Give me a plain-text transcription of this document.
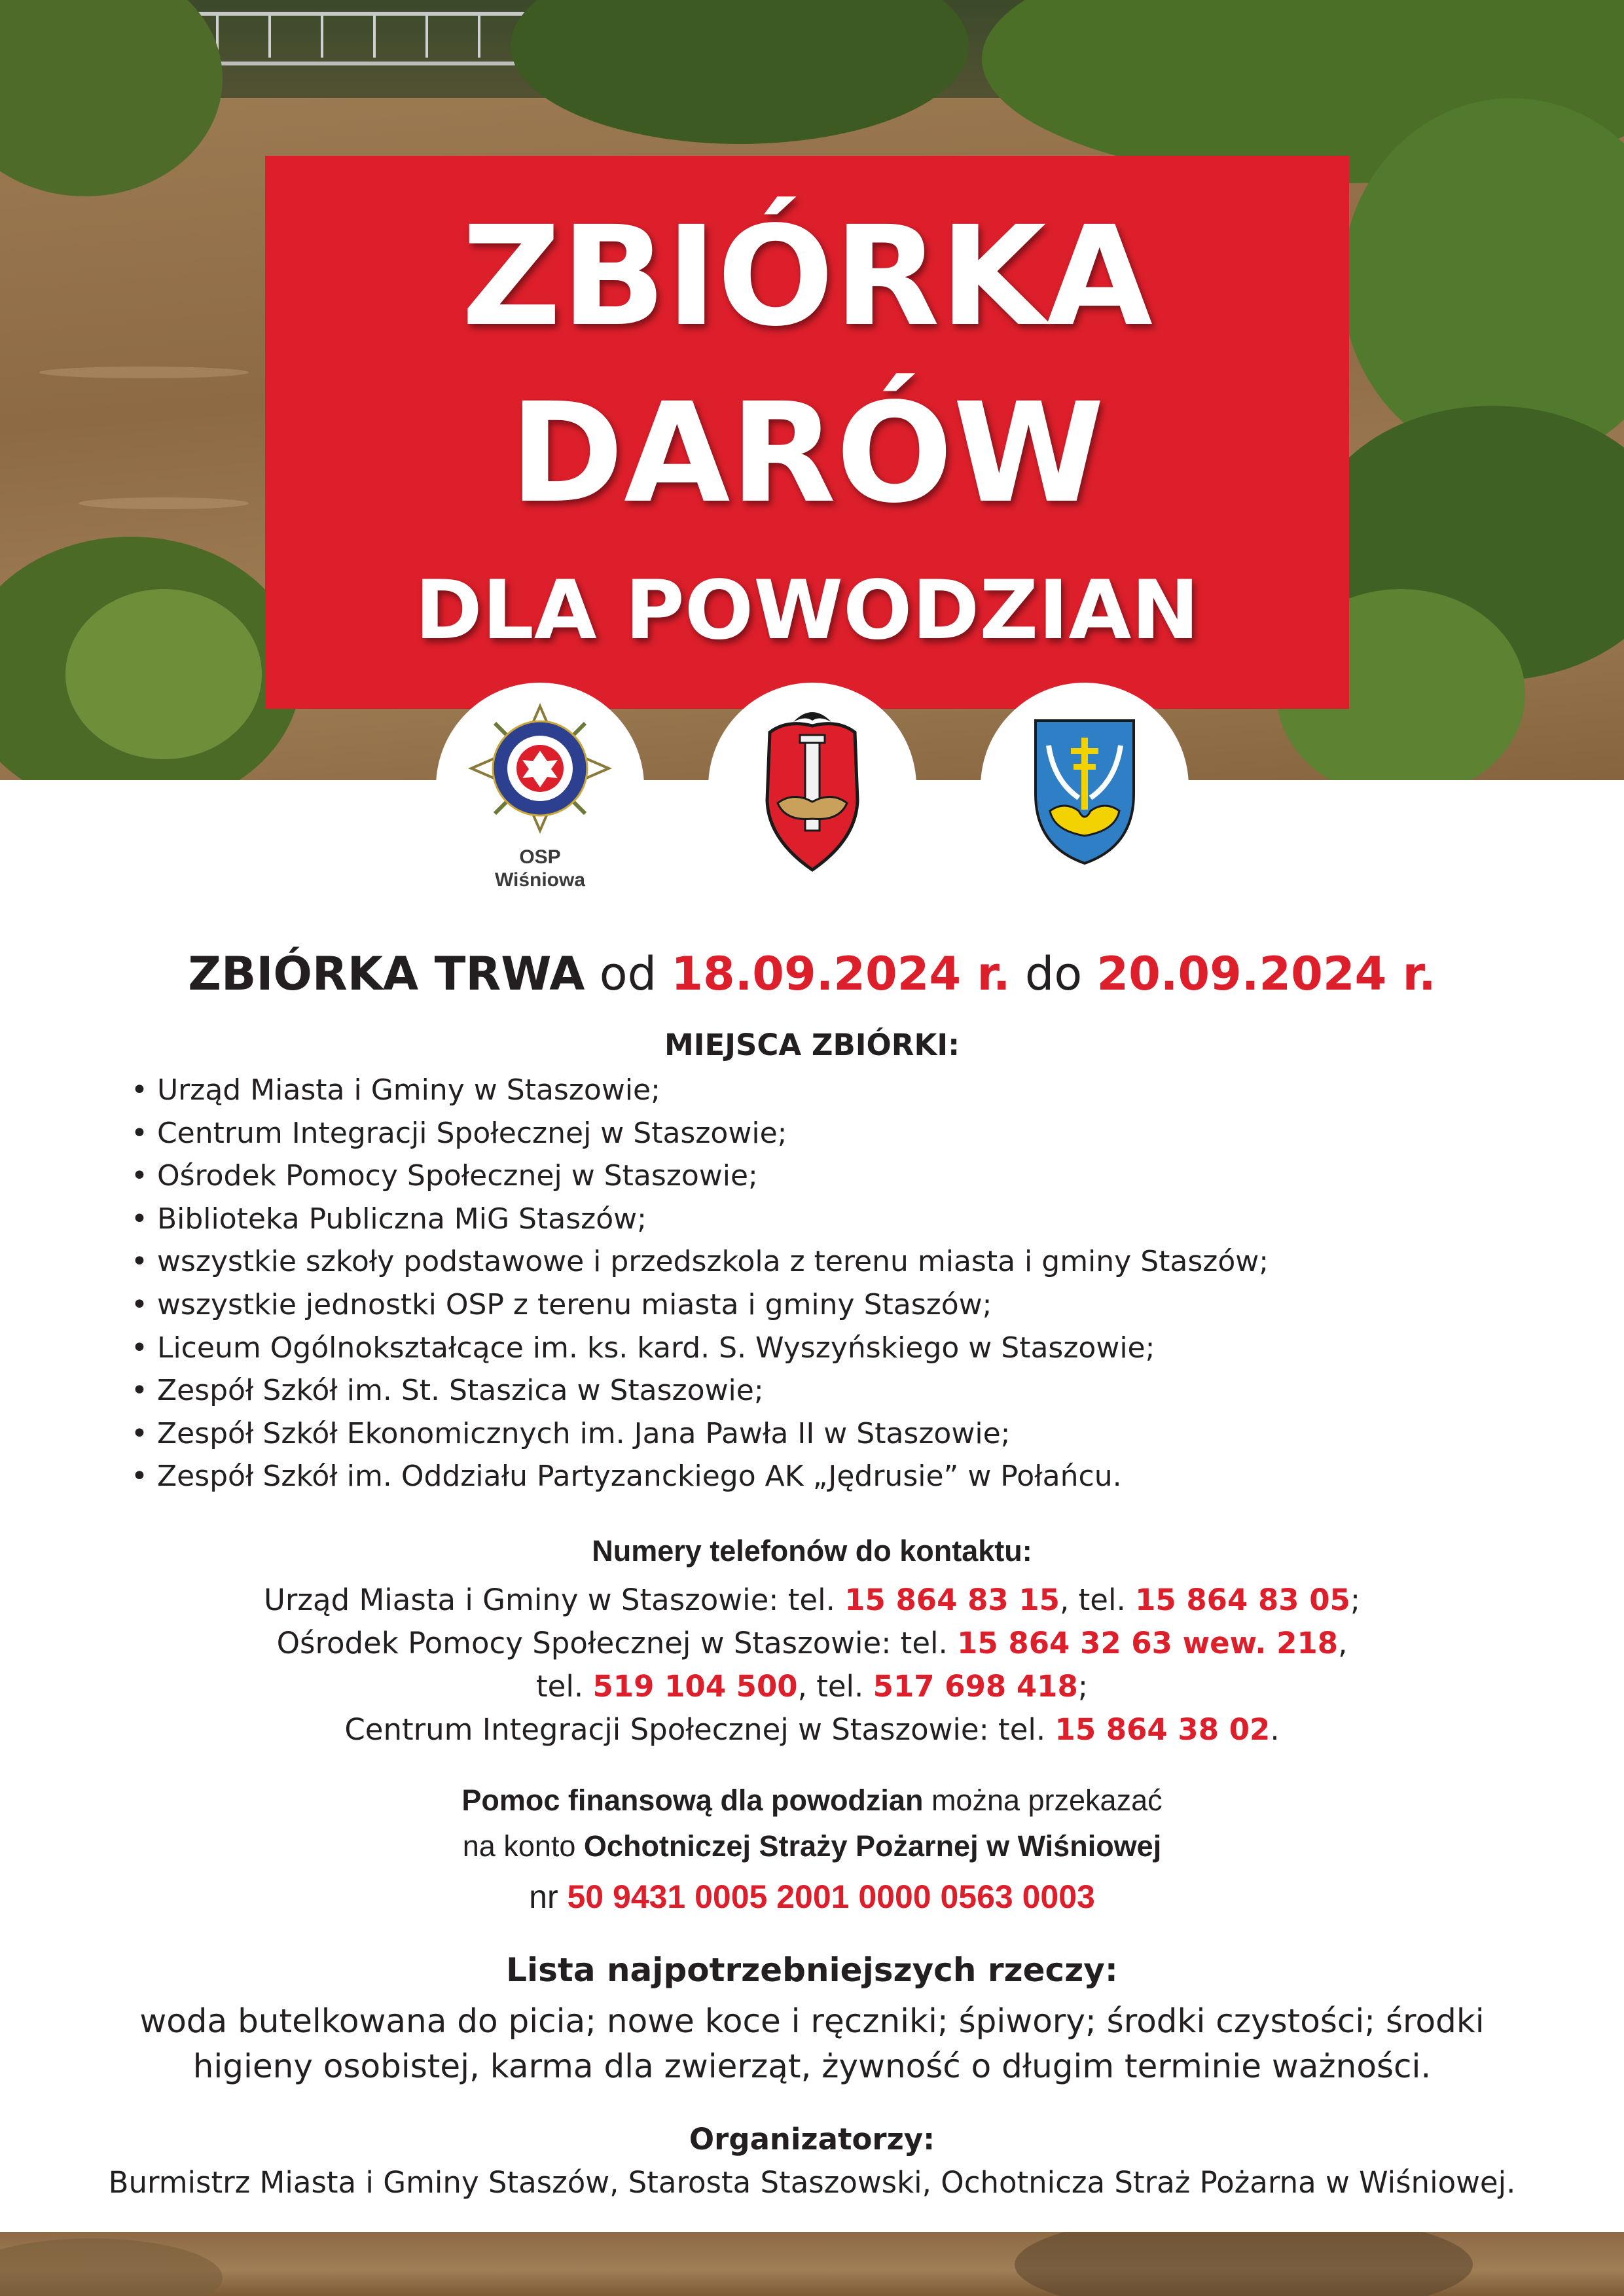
ZBIÓRKA
DARÓW
DLA POWODZIAN
OSP
Wiśniowa
ZBIÓRKA TRWA od 18.09.2024 r. do 20.09.2024 r.
MIEJSCA ZBIÓRKI:
• Urząd Miasta i Gminy w Staszowie;
• Centrum Integracji Społecznej w Staszowie;
• Ośrodek Pomocy Społecznej w Staszowie;
• Biblioteka Publiczna MiG Staszów;
• wszystkie szkoły podstawowe i przedszkola z terenu miasta i gminy Staszów;
• wszystkie jednostki OSP z terenu miasta i gminy Staszów;
• Liceum Ogólnokształcące im. ks. kard. S. Wyszyńskiego w Staszowie;
• Zespół Szkół im. St. Staszica w Staszowie;
• Zespół Szkół Ekonomicznych im. Jana Pawła II w Staszowie;
• Zespół Szkół im. Oddziału Partyzanckiego AK „Jędrusie” w Połańcu.
Numery telefonów do kontaktu:
Urząd Miasta i Gminy w Staszowie: tel. 15 864 83 15, tel. 15 864 83 05;
Ośrodek Pomocy Społecznej w Staszowie: tel. 15 864 32 63 wew. 218,
tel. 519 104 500, tel. 517 698 418;
Centrum Integracji Społecznej w Staszowie: tel. 15 864 38 02.
Pomoc finansową dla powodzian można przekazać
na konto Ochotniczej Straży Pożarnej w Wiśniowej
nr 50 9431 0005 2001 0000 0563 0003
Lista najpotrzebniejszych rzeczy:
woda butelkowana do picia; nowe koce i ręczniki; śpiwory; środki czystości; środki
higieny osobistej, karma dla zwierząt, żywność o długim terminie ważności.
Organizatorzy:
Burmistrz Miasta i Gminy Staszów, Starosta Staszowski, Ochotnicza Straż Pożarna w Wiśniowej.
